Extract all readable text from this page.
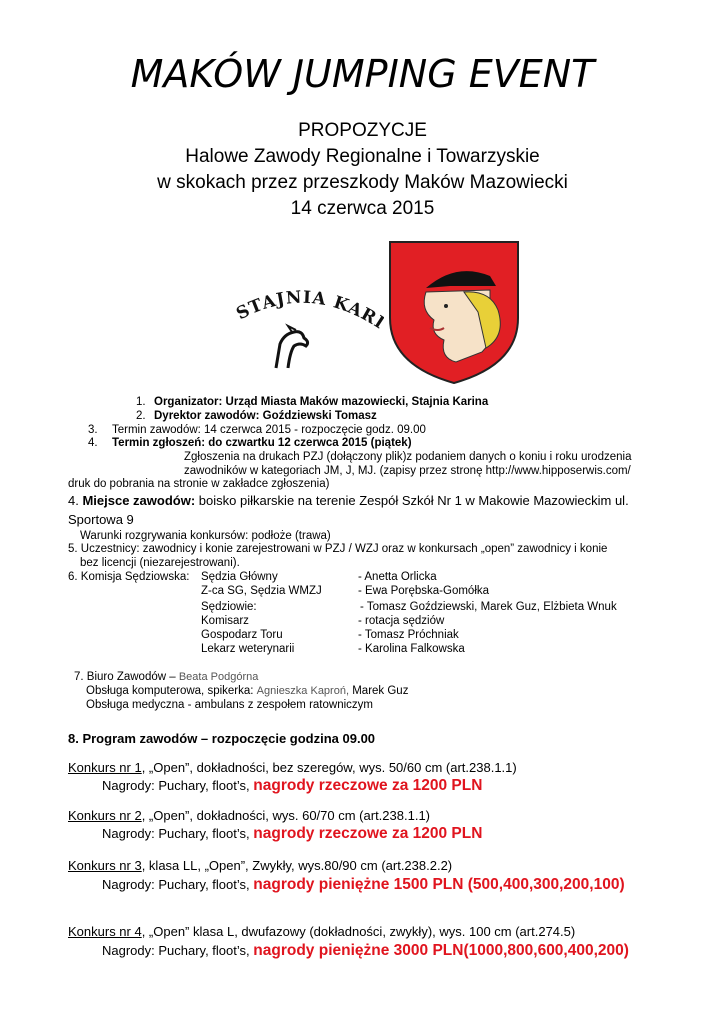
MAKÓW JUMPING EVENT
PROPOZYCJE
Halowe Zawody Regionalne i Towarzyskie
w skokach przez przeszkody Maków Mazowiecki
14 czerwca 2015
STAJNIA KAR
1. Organizator: Urząd Miasta Maków mazowiecki, Stajnia Karina
2. Dyrektor zawodów: Goździewski Tomasz
3. Termin zawodów: 14 czerwca 2015 - rozpoczęcie godz. 09.00
4. Termin zgłoszeń: do czwartku 12 czerwca 2015 (piątek)
Zgłoszenia na drukach PZJ (dołączony plik)z podaniem danych o koniu i roku urodzenia
zawodników w kategoriach JM, J, MJ. (zapisy przez stronę http://www.hipposerwis.com/
druk do pobrania na stronie w zakładce zgłoszenia)
4. Miejsce zawodów: boisko piłkarskie na terenie Zespół Szkół Nr 1 w Makowie Mazowieckim ul.
Sportowa 9
Warunki rozgrywania konkursów: podłoże (trawa)
5. Uczestnicy: zawodnicy i konie zarejestrowani w PZJ / WZJ oraz w konkursach „open” zawodnicy i konie
bez licencji (niezarejestrowani).
6. Komisja Sędziowska: Sędzia Główny	- Anetta Orlicka
Z-ca SG, Sędzia WMZJ	- Ewa Porębska-Gomółka
Sędziowie:	- Tomasz Goździewski, Marek Guz, Elżbieta Wnuk
Komisarz	- rotacja sędziów
Gospodarz Toru	- Tomasz Próchniak
Lekarz weterynarii	- Karolina Falkowska
7. Biuro Zawodów – Beata Podgórna
Obsługa komputerowa, spikerka: Agnieszka Kaproń, Marek Guz
Obsługa medyczna - ambulans z zespołem ratowniczym
8. Program zawodów – rozpoczęcie godzina 09.00
Konkurs nr 1, „Open”, dokładności, bez szeregów, wys. 50/60 cm (art.238.1.1)
Nagrody: Puchary, floot’s, nagrody rzeczowe za 1200 PLN
Konkurs nr 2, „Open”, dokładności, wys. 60/70 cm (art.238.1.1)
Nagrody: Puchary, floot’s, nagrody rzeczowe za 1200 PLN
Konkurs nr 3, klasa LL, „Open”, Zwykły, wys.80/90 cm (art.238.2.2)
Nagrody: Puchary, floot’s, nagrody pieniężne 1500 PLN (500,400,300,200,100)
Konkurs nr 4, „Open” klasa L, dwufazowy (dokładności, zwykły), wys. 100 cm (art.274.5)
Nagrody: Puchary, floot’s, nagrody pieniężne 3000 PLN(1000,800,600,400,200)
